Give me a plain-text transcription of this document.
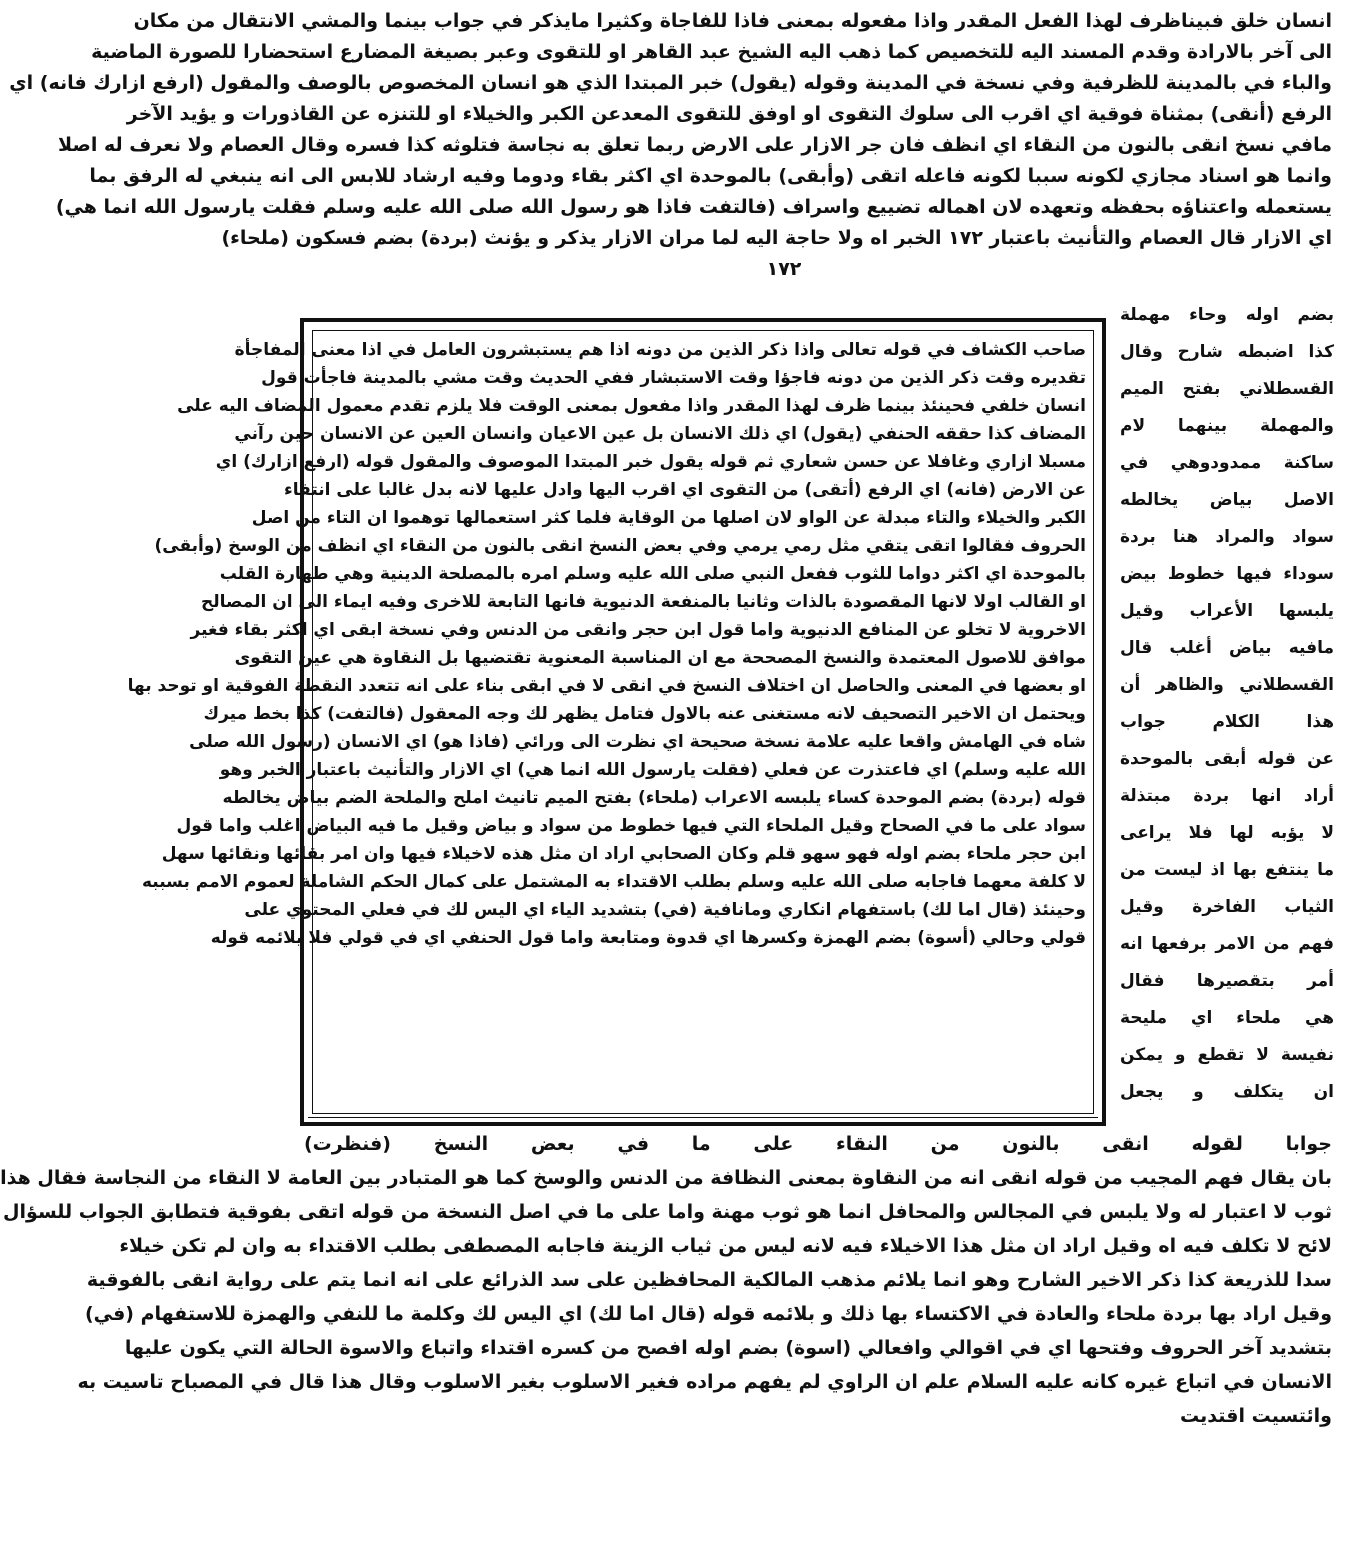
انسان خلق فبيناظرف لهذا الفعل المقدر واذا مفعوله بمعنى فاذا للفاجاة وكثيرا مايذكر في جواب بينما والمشي الانتقال من مكان
الى آخر بالارادة وقدم المسند اليه للتخصيص كما ذهب اليه الشيخ عبد القاهر او للتقوى وعبر بصيغة المضارع استحضارا للصورة الماضية
والباء في بالمدينة للظرفية وفي نسخة في المدينة وقوله (يقول) خبر المبتدا الذي هو انسان المخصوص بالوصف والمقول (ارفع ازارك فانه) اي
الرفع (أنقى) بمثناة فوقية اي اقرب الى سلوك التقوى او اوفق للتقوى المعدعن الكبر والخيلاء او للتنزه عن القاذورات و يؤيد الآخر
مافي نسخ انقى بالنون من النقاء اي انظف فان جر الازار على الارض ربما تعلق به نجاسة فتلوثه كذا فسره وقال العصام ولا نعرف له اصلا
وانما هو اسناد مجازي لكونه سببا لكونه فاعله اتقى (وأبقى) بالموحدة اي اكثر بقاء ودوما وفيه ارشاد للابس الى انه ينبغي له الرفق بما
يستعمله واعتناؤه بحفظه وتعهده لان اهماله تضييع واسراف (فالتفت فاذا هو رسول الله صلى الله عليه وسلم فقلت يارسول الله انما هي)
اي الازار قال العصام والتأنيث باعتبار ١٧٢ الخبر اه ولا حاجة اليه لما مران الازار يذكر و يؤنث (بردة) بضم فسكون (ملحاء)
١٧٢
صاحب الكشاف في قوله تعالى واذا ذكر الذين من دونه اذا هم يستبشرون العامل في اذا معنى المفاجأة
تقديره وقت ذكر الذين من دونه فاجؤا وقت الاستبشار ففي الحديث وقت مشي بالمدينة فاجأت قول
انسان خلفي فحينئذ بينما ظرف لهذا المقدر واذا مفعول بمعنى الوقت فلا يلزم تقدم معمول المضاف اليه على
المضاف كذا حققه الحنفي (يقول) اي ذلك الانسان بل عين الاعيان وانسان العين عن الانسان حين رآني
مسبلا ازاري وغافلا عن حسن شعاري ثم قوله يقول خبر المبتدا الموصوف والمقول قوله (ارفع ازارك) اي
عن الارض (فانه) اي الرفع (أتقى) من التقوى اي اقرب اليها وادل عليها لانه بدل غالبا على انتفاء
الكبر والخيلاء والتاء مبدلة عن الواو لان اصلها من الوقاية فلما كثر استعمالها توهموا ان التاء من اصل
الحروف فقالوا اتقى يتقي مثل رمي يرمي وفي بعض النسخ انقى بالنون من النقاء اي انظف من الوسخ (وأبقى)
بالموحدة اي اكثر دواما للثوب ففعل النبي صلى الله عليه وسلم امره بالمصلحة الدينية وهي طهارة القلب
او القالب اولا لانها المقصودة بالذات وثانيا بالمنفعة الدنيوية فانها التابعة للاخرى وفيه ايماء الى ان المصالح
الاخروية لا تخلو عن المنافع الدنيوية واما قول ابن حجر وانقى من الدنس وفي نسخة ابقى اي اكثر بقاء فغير
موافق للاصول المعتمدة والنسخ المصححة مع ان المناسبة المعنوية تقتضيها بل النقاوة هي عين التقوى
او بعضها في المعنى والحاصل ان اختلاف النسخ في انقى لا في ابقى بناء على انه تتعدد النقطة الفوقية او توحد بها
ويحتمل ان الاخير التصحيف لانه مستغنى عنه بالاول فتامل يظهر لك وجه المعقول (فالتفت) كذا بخط ميرك
شاه في الهامش واقعا عليه علامة نسخة صحيحة اي نظرت الى ورائي (فاذا هو) اي الانسان (رسول الله صلى
الله عليه وسلم) اي فاعتذرت عن فعلي (فقلت يارسول الله انما هي) اي الازار والتأنيث باعتبار الخبر وهو
قوله (بردة) بضم الموحدة كساء يلبسه الاعراب (ملحاء) بفتح الميم تانيث املح والملحة الضم بياض يخالطه
سواد على ما في الصحاح وقيل الملحاء التي فيها خطوط من سواد و بياض وقيل ما فيه البياض اغلب واما قول
ابن حجر ملحاء بضم اوله فهو سهو قلم وكان الصحابي اراد ان مثل هذه لاخيلاء فيها وان امر بقائها ونقائها سهل
لا كلفة معهما فاجابه صلى الله عليه وسلم بطلب الاقتداء به المشتمل على كمال الحكم الشاملة لعموم الامم بسببه
وحينئذ (قال اما لك) باستفهام انكاري ومانافية (في) بتشديد الياء اي اليس لك في فعلي المحتوي على
قولي وحالي (أسوة) بضم الهمزة وكسرها اي قدوة ومتابعة واما قول الحنفي اي في قولي فلا يلائمه قوله
بضم اوله وحاء مهملة
كذا اضبطه شارح وقال
القسطلاني بفتح الميم
والمهملة بينهما لام
ساكنة ممدودوهي في
الاصل بياض يخالطه
سواد والمراد هنا بردة
سوداء فيها خطوط بيض
يلبسها الأعراب وقيل
مافيه بياض أغلب قال
القسطلاني والظاهر أن
هذا الكلام جواب
عن قوله أبقى بالموحدة
أراد انها بردة مبتذلة
لا يؤبه لها فلا يراعى
ما ينتفع بها اذ ليست من
الثياب الفاخرة وقيل
فهم من الامر برفعها انه
أمر بتقصيرها فقال
هي ملحاء اي مليحة
نفيسة لا تقطع و يمكن
ان يتكلف و يجعل
جوابا لقوله انقى بالنون من النقاء على ما في بعض النسخ (فنظرت)
بان يقال فهم المجيب من قوله انقى انه من النقاوة بمعنى النظافة من الدنس والوسخ كما هو المتبادر بين العامة لا النقاء من النجاسة فقال هذا
ثوب لا اعتبار له ولا يلبس في المجالس والمحافل انما هو ثوب مهنة واما على ما في اصل النسخة من قوله اتقى بفوقية فتطابق الجواب للسؤال
لائح لا تكلف فيه اه وقيل اراد ان مثل هذا الاخيلاء فيه لانه ليس من ثياب الزينة فاجابه المصطفى بطلب الاقتداء به وان لم تكن خيلاء
سدا للذريعة كذا ذكر الاخير الشارح وهو انما يلائم مذهب المالكية المحافظين على سد الذرائع على انه انما يتم على رواية انقى بالفوقية
وقيل اراد بها بردة ملحاء والعادة في الاكتساء بها ذلك و بلائمه قوله (قال اما لك) اي اليس لك وكلمة ما للنفي والهمزة للاستفهام (في)
بتشديد آخر الحروف وفتحها اي في اقوالي وافعالي (اسوة) بضم اوله افصح من كسره اقتداء واتباع والاسوة الحالة التي يكون عليها
الانسان في اتباع غيره كانه عليه السلام علم ان الراوي لم يفهم مراده فغير الاسلوب بغير الاسلوب وقال هذا قال في المصباح تاسيت به
وائتسيت اقتديت
